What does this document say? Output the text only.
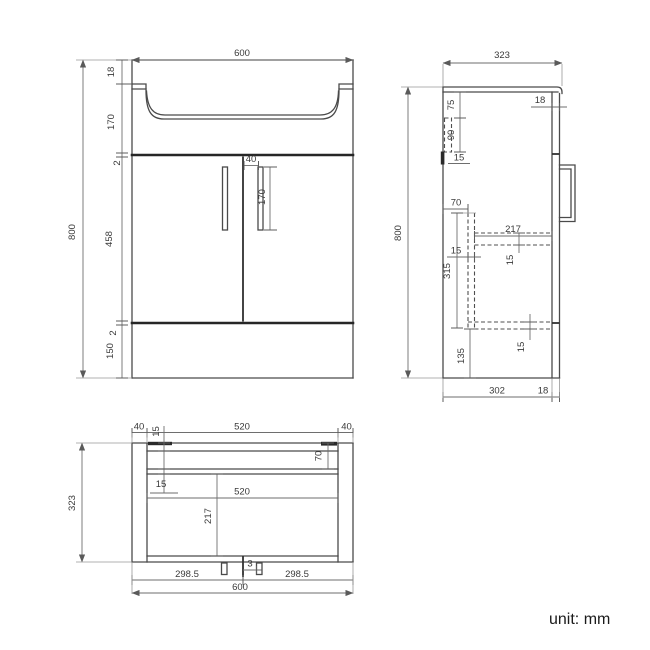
600
800
18
170
2
458
2
150
40
170
323
800
18
75
90
15
70
217
15
315
15
15
135
302	18
40	520	40
15
70
15
520
217
323
3
298.5	298.5
600
unit: mm
